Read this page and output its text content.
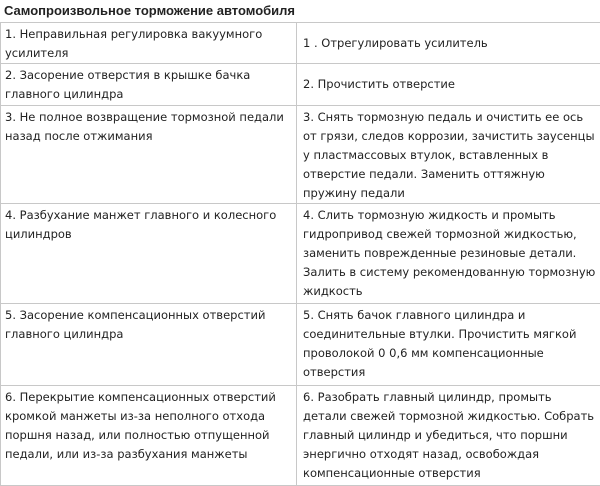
Самопроизвольное торможение автомобиля
1. Неправильная регулировка вакуумного усилителя	1 . Отрегулировать усилитель

2. Засорение отверстия в крышке бачка главного цилиндра	2. Прочистить отверстие

3. Не полное возвращение тормозной педали назад после отжимания	3. Снять тормозную педаль и очистить ее ось от грязи, следов коррозии, зачистить заусенцы у пластмассовых втулок, вставленных в отверстие педали. Заменить оттяжную пружину педали

4. Разбухание манжет главного и колесного цилиндров	4. Слить тормозную жидкость и промыть гидропривод свежей тормозной жидкостью, заменить поврежденные резиновые детали. Залить в систему рекомендованную тормозную жидкость

5. Засорение компенсационных отверстий главного цилиндра	5. Снять бачок главного цилиндра и соединительные втулки. Прочистить мягкой проволокой 0 0,6 мм компенсационные отверстия

6. Перекрытие компенсационных отверстий кромкой манжеты из-за неполного отхода поршня назад, или полностью отпущенной педали, или из-за разбухания манжеты	6. Разобрать главный цилиндр, промыть детали свежей тормозной жидкостью. Собрать главный цилиндр и убедиться, что поршни энергично отходят назад, освобождая компенсационные отверстия
